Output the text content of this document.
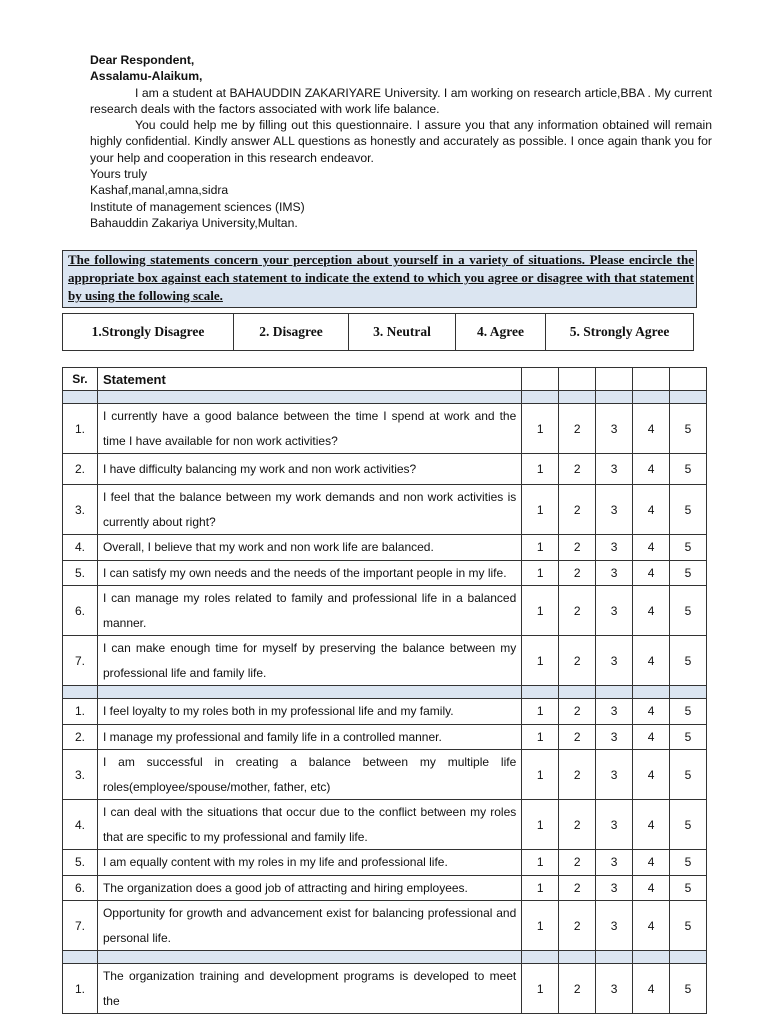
Dear Respondent,

Assalamu-Alaikum,

I am a student at BAHAUDDIN ZAKARIYARE University. I am working on research article,BBA . My current research deals with the factors associated with work life balance.

You could help me by filling out this questionnaire. I assure you that any information obtained will remain highly confidential. Kindly answer ALL questions as honestly and accurately as possible. I once again thank you for your help and cooperation in this research endeavor.

Yours truly

Kashaf,manal,amna,sidra

Institute of management sciences (IMS)

Bahauddin Zakariya University,Multan.

The following statements concern your perception about yourself in a variety of situations. Please encircle the appropriate box against each statement to indicate the extend to which you agree or disagree with that statement by using the following scale.
1.Strongly Disagree	2. Disagree	3. Neutral	4. Agree	5. Strongly Agree
Sr.	Statement					

1.	I currently have a good balance between the time I spend at work and the time I have available for non work activities?	1	2	3	4	5
2.	I have difficulty balancing my work and non work activities?	1	2	3	4	5
3.	I feel that the balance between my work demands and non work activities is currently about right?	1	2	3	4	5
4.	Overall, I believe that my work and non work life are balanced.	1	2	3	4	5
5.	I can satisfy my own needs and the needs of the important people in my life.	1	2	3	4	5
6.	I can manage my roles related to family and professional life in a balanced manner.	1	2	3	4	5
7.	I can make enough time for myself by preserving the balance between my professional life and family life.	1	2	3	4	5

1.	I feel loyalty to my roles both in my professional life and my family.	1	2	3	4	5
2.	I manage my professional and family life in a controlled manner.	1	2	3	4	5
3.	I am successful in creating a balance between my multiple life roles(employee/spouse/mother, father, etc)	1	2	3	4	5
4.	I can deal with the situations that occur due to the conflict between my roles that are specific to my professional and family life.	1	2	3	4	5
5.	I am equally content with my roles in my life and professional life.	1	2	3	4	5
6.	The organization does a good job of attracting and hiring employees.	1	2	3	4	5
7.	Opportunity for growth and advancement exist for balancing professional and personal life.	1	2	3	4	5

1.	The organization training and development programs is developed to meet the	1	2	3	4	5
